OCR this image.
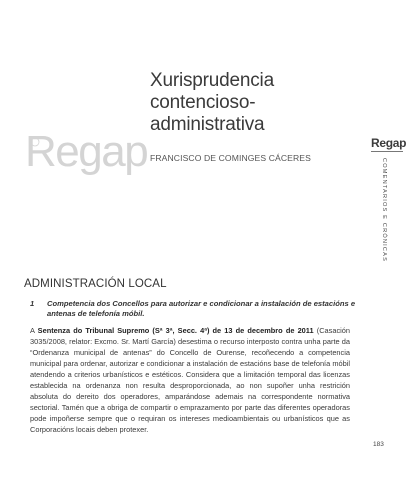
Regap
Xurisprudencia
contencioso-
administrativa
FRANCISCO DE COMINGES CÁCERES
Regap
COMENTARIOS E CRÓNICAS
ADMINISTRACIÓN LOCAL
1 Competencia dos Concellos para autorizar e condicionar a instalación de estacións e antenas de telefonía móbil.
A Sentenza do Tribunal Supremo (Sª 3ª, Secc. 4ª) de 13 de decembro de 2011 (Casación 3035/2008, relator: Excmo. Sr. Martí García) desestima o recurso interposto contra unha parte da “Ordenanza municipal de antenas” do Concello de Ourense, recoñecendo a competencia municipal para ordenar, autorizar e condicionar a instalación de estacións base de telefonía móbil atendendo a criterios urbanísticos e estéticos. Considera que a limitación temporal das licenzas establecida na ordenanza non resulta desproporcionada, ao non supoñer unha restrición absoluta do dereito dos operadores, amparándose ademais na correspondente normativa sectorial. Tamén que a obriga de compartir o emprazamento por parte das diferentes operadoras pode impoñerse sempre que o requiran os intereses medioambientais ou urbanísticos que as Corporacións locais deben protexer.
183
